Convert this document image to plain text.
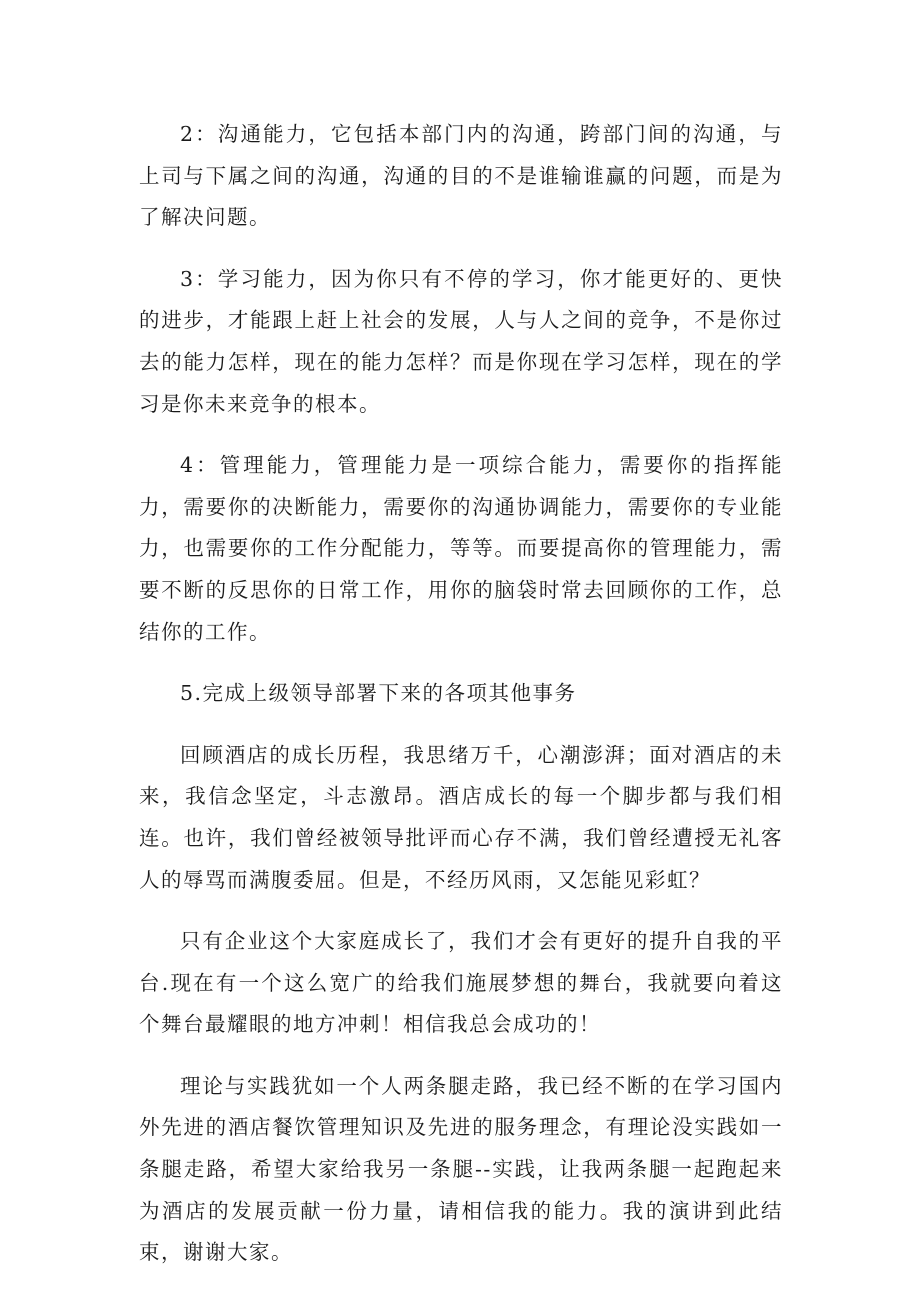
2：沟通能力，它包括本部门内的沟通，跨部门间的沟通，与上司与下属之间的沟通，沟通的目的不是谁输谁赢的问题，而是为了解决问题。

3：学习能力，因为你只有不停的学习，你才能更好的、更快的进步，才能跟上赶上社会的发展，人与人之间的竞争，不是你过去的能力怎样，现在的能力怎样？而是你现在学习怎样，现在的学习是你未来竞争的根本。

4：管理能力，管理能力是一项综合能力，需要你的指挥能力，需要你的决断能力，需要你的沟通协调能力，需要你的专业能力，也需要你的工作分配能力，等等。而要提高你的管理能力，需要不断的反思你的日常工作，用你的脑袋时常去回顾你的工作，总结你的工作。

5.完成上级领导部署下来的各项其他事务

回顾酒店的成长历程，我思绪万千，心潮澎湃；面对酒店的未来，我信念坚定，斗志激昂。酒店成长的每一个脚步都与我们相连。也许，我们曾经被领导批评而心存不满，我们曾经遭授无礼客人的辱骂而满腹委屈。但是，不经历风雨，又怎能见彩虹？

只有企业这个大家庭成长了，我们才会有更好的提升自我的平台.现在有一个这么宽广的给我们施展梦想的舞台，我就要向着这个舞台最耀眼的地方冲刺！相信我总会成功的！

理论与实践犹如一个人两条腿走路，我已经不断的在学习国内外先进的酒店餐饮管理知识及先进的服务理念，有理论没实践如一条腿走路，希望大家给我另一条腿--实践，让我两条腿一起跑起来为酒店的发展贡献一份力量，请相信我的能力。我的演讲到此结束，谢谢大家。
